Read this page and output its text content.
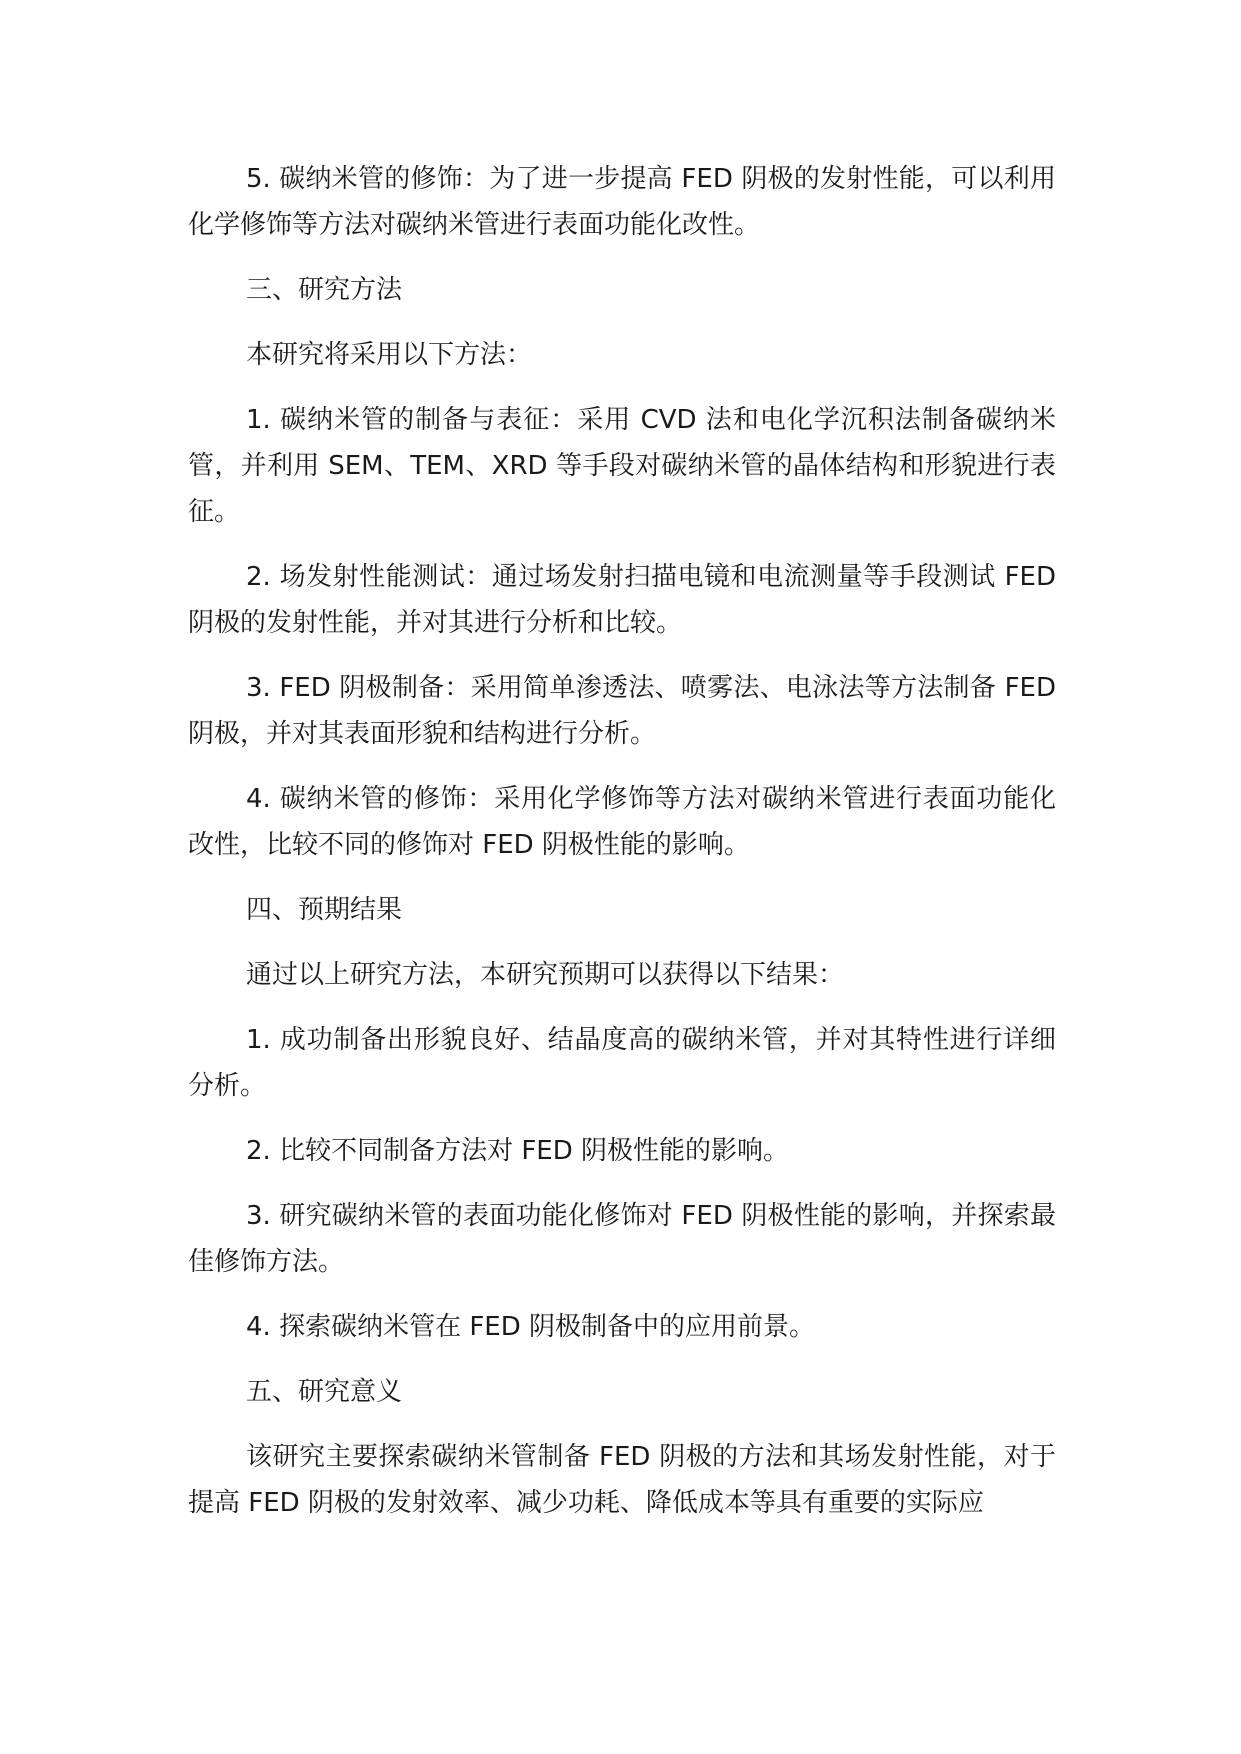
5. 碳纳米管的修饰：为了进一步提高 FED 阴极的发射性能，可以利用化学修饰等方法对碳纳米管进行表面功能化改性。

三、研究方法

本研究将采用以下方法：

1. 碳纳米管的制备与表征：采用 CVD 法和电化学沉积法制备碳纳米管，并利用 SEM、TEM、XRD 等手段对碳纳米管的晶体结构和形貌进行表征。

2. 场发射性能测试：通过场发射扫描电镜和电流测量等手段测试 FED 阴极的发射性能，并对其进行分析和比较。

3. FED 阴极制备：采用简单渗透法、喷雾法、电泳法等方法制备 FED 阴极，并对其表面形貌和结构进行分析。

4. 碳纳米管的修饰：采用化学修饰等方法对碳纳米管进行表面功能化改性，比较不同的修饰对 FED 阴极性能的影响。

四、预期结果

通过以上研究方法，本研究预期可以获得以下结果：

1. 成功制备出形貌良好、结晶度高的碳纳米管，并对其特性进行详细分析。

2. 比较不同制备方法对 FED 阴极性能的影响。

3. 研究碳纳米管的表面功能化修饰对 FED 阴极性能的影响，并探索最佳修饰方法。

4. 探索碳纳米管在 FED 阴极制备中的应用前景。

五、研究意义

该研究主要探索碳纳米管制备 FED 阴极的方法和其场发射性能，对于提高 FED 阴极的发射效率、减少功耗、降低成本等具有重要的实际应
